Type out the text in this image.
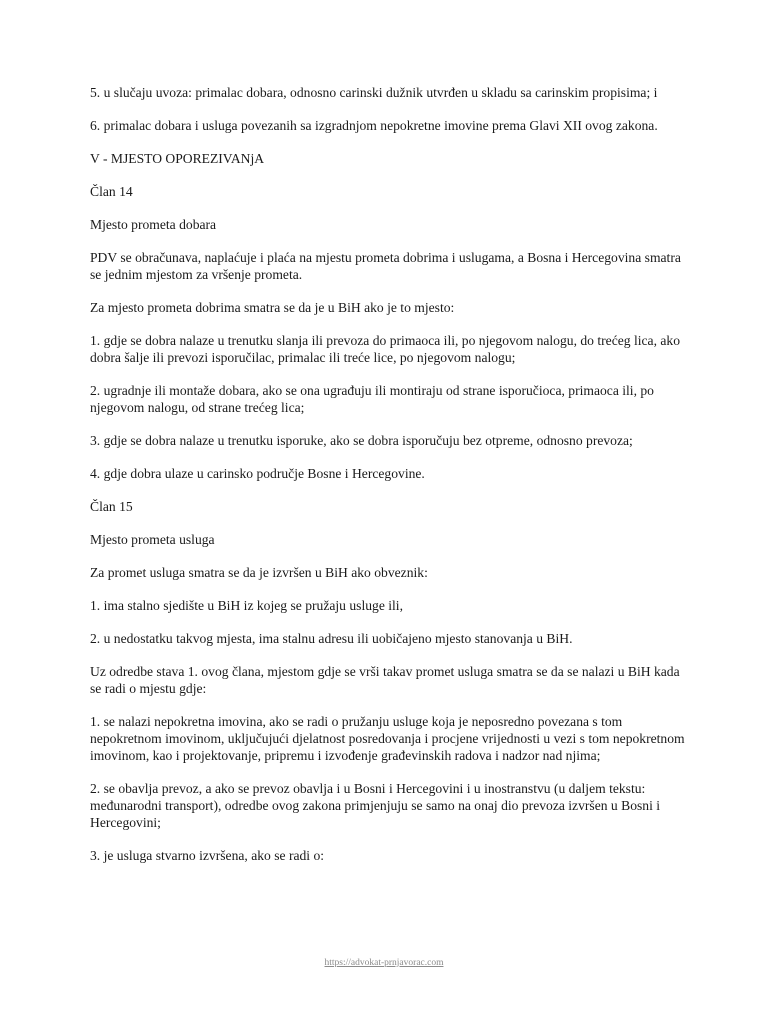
5. u slučaju uvoza: primalac dobara, odnosno carinski dužnik utvrđen u skladu sa carinskim propisima; i

6. primalac dobara i usluga povezanih sa izgradnjom nepokretne imovine prema Glavi XII ovog zakona.

V - MJESTO OPOREZIVANjA

Član 14

Mjesto prometa dobara

PDV se obračunava, naplaćuje i plaća na mjestu prometa dobrima i uslugama, a Bosna i Hercegovina smatra se jednim mjestom za vršenje prometa.

Za mjesto prometa dobrima smatra se da je u BiH ako je to mjesto:

1. gdje se dobra nalaze u trenutku slanja ili prevoza do primaoca ili, po njegovom nalogu, do trećeg lica, ako dobra šalje ili prevozi isporučilac, primalac ili treće lice, po njegovom nalogu;

2. ugradnje ili montaže dobara, ako se ona ugrađuju ili montiraju od strane isporučioca, primaoca ili, po njegovom nalogu, od strane trećeg lica;

3. gdje se dobra nalaze u trenutku isporuke, ako se dobra isporučuju bez otpreme, odnosno prevoza;

4. gdje dobra ulaze u carinsko područje Bosne i Hercegovine.

Član 15

Mjesto prometa usluga

Za promet usluga smatra se da je izvršen u BiH ako obveznik:

1. ima stalno sjedište u BiH iz kojeg se pružaju usluge ili,

2. u nedostatku takvog mjesta, ima stalnu adresu ili uobičajeno mjesto stanovanja u BiH.

Uz odredbe stava 1. ovog člana, mjestom gdje se vrši takav promet usluga smatra se da se nalazi u BiH kada se radi o mjestu gdje:

1. se nalazi nepokretna imovina, ako se radi o pružanju usluge koja je neposredno povezana s tom nepokretnom imovinom, uključujući djelatnost posredovanja i procjene vrijednosti u vezi s tom nepokretnom imovinom, kao i projektovanje, pripremu i izvođenje građevinskih radova i nadzor nad njima;

2. se obavlja prevoz, a ako se prevoz obavlja i u Bosni i Hercegovini i u inostranstvu (u daljem tekstu: međunarodni transport), odredbe ovog zakona primjenjuju se samo na onaj dio prevoza izvršen u Bosni i Hercegovini;

3. je usluga stvarno izvršena, ako se radi o:

https://advokat-prnjavorac.com
